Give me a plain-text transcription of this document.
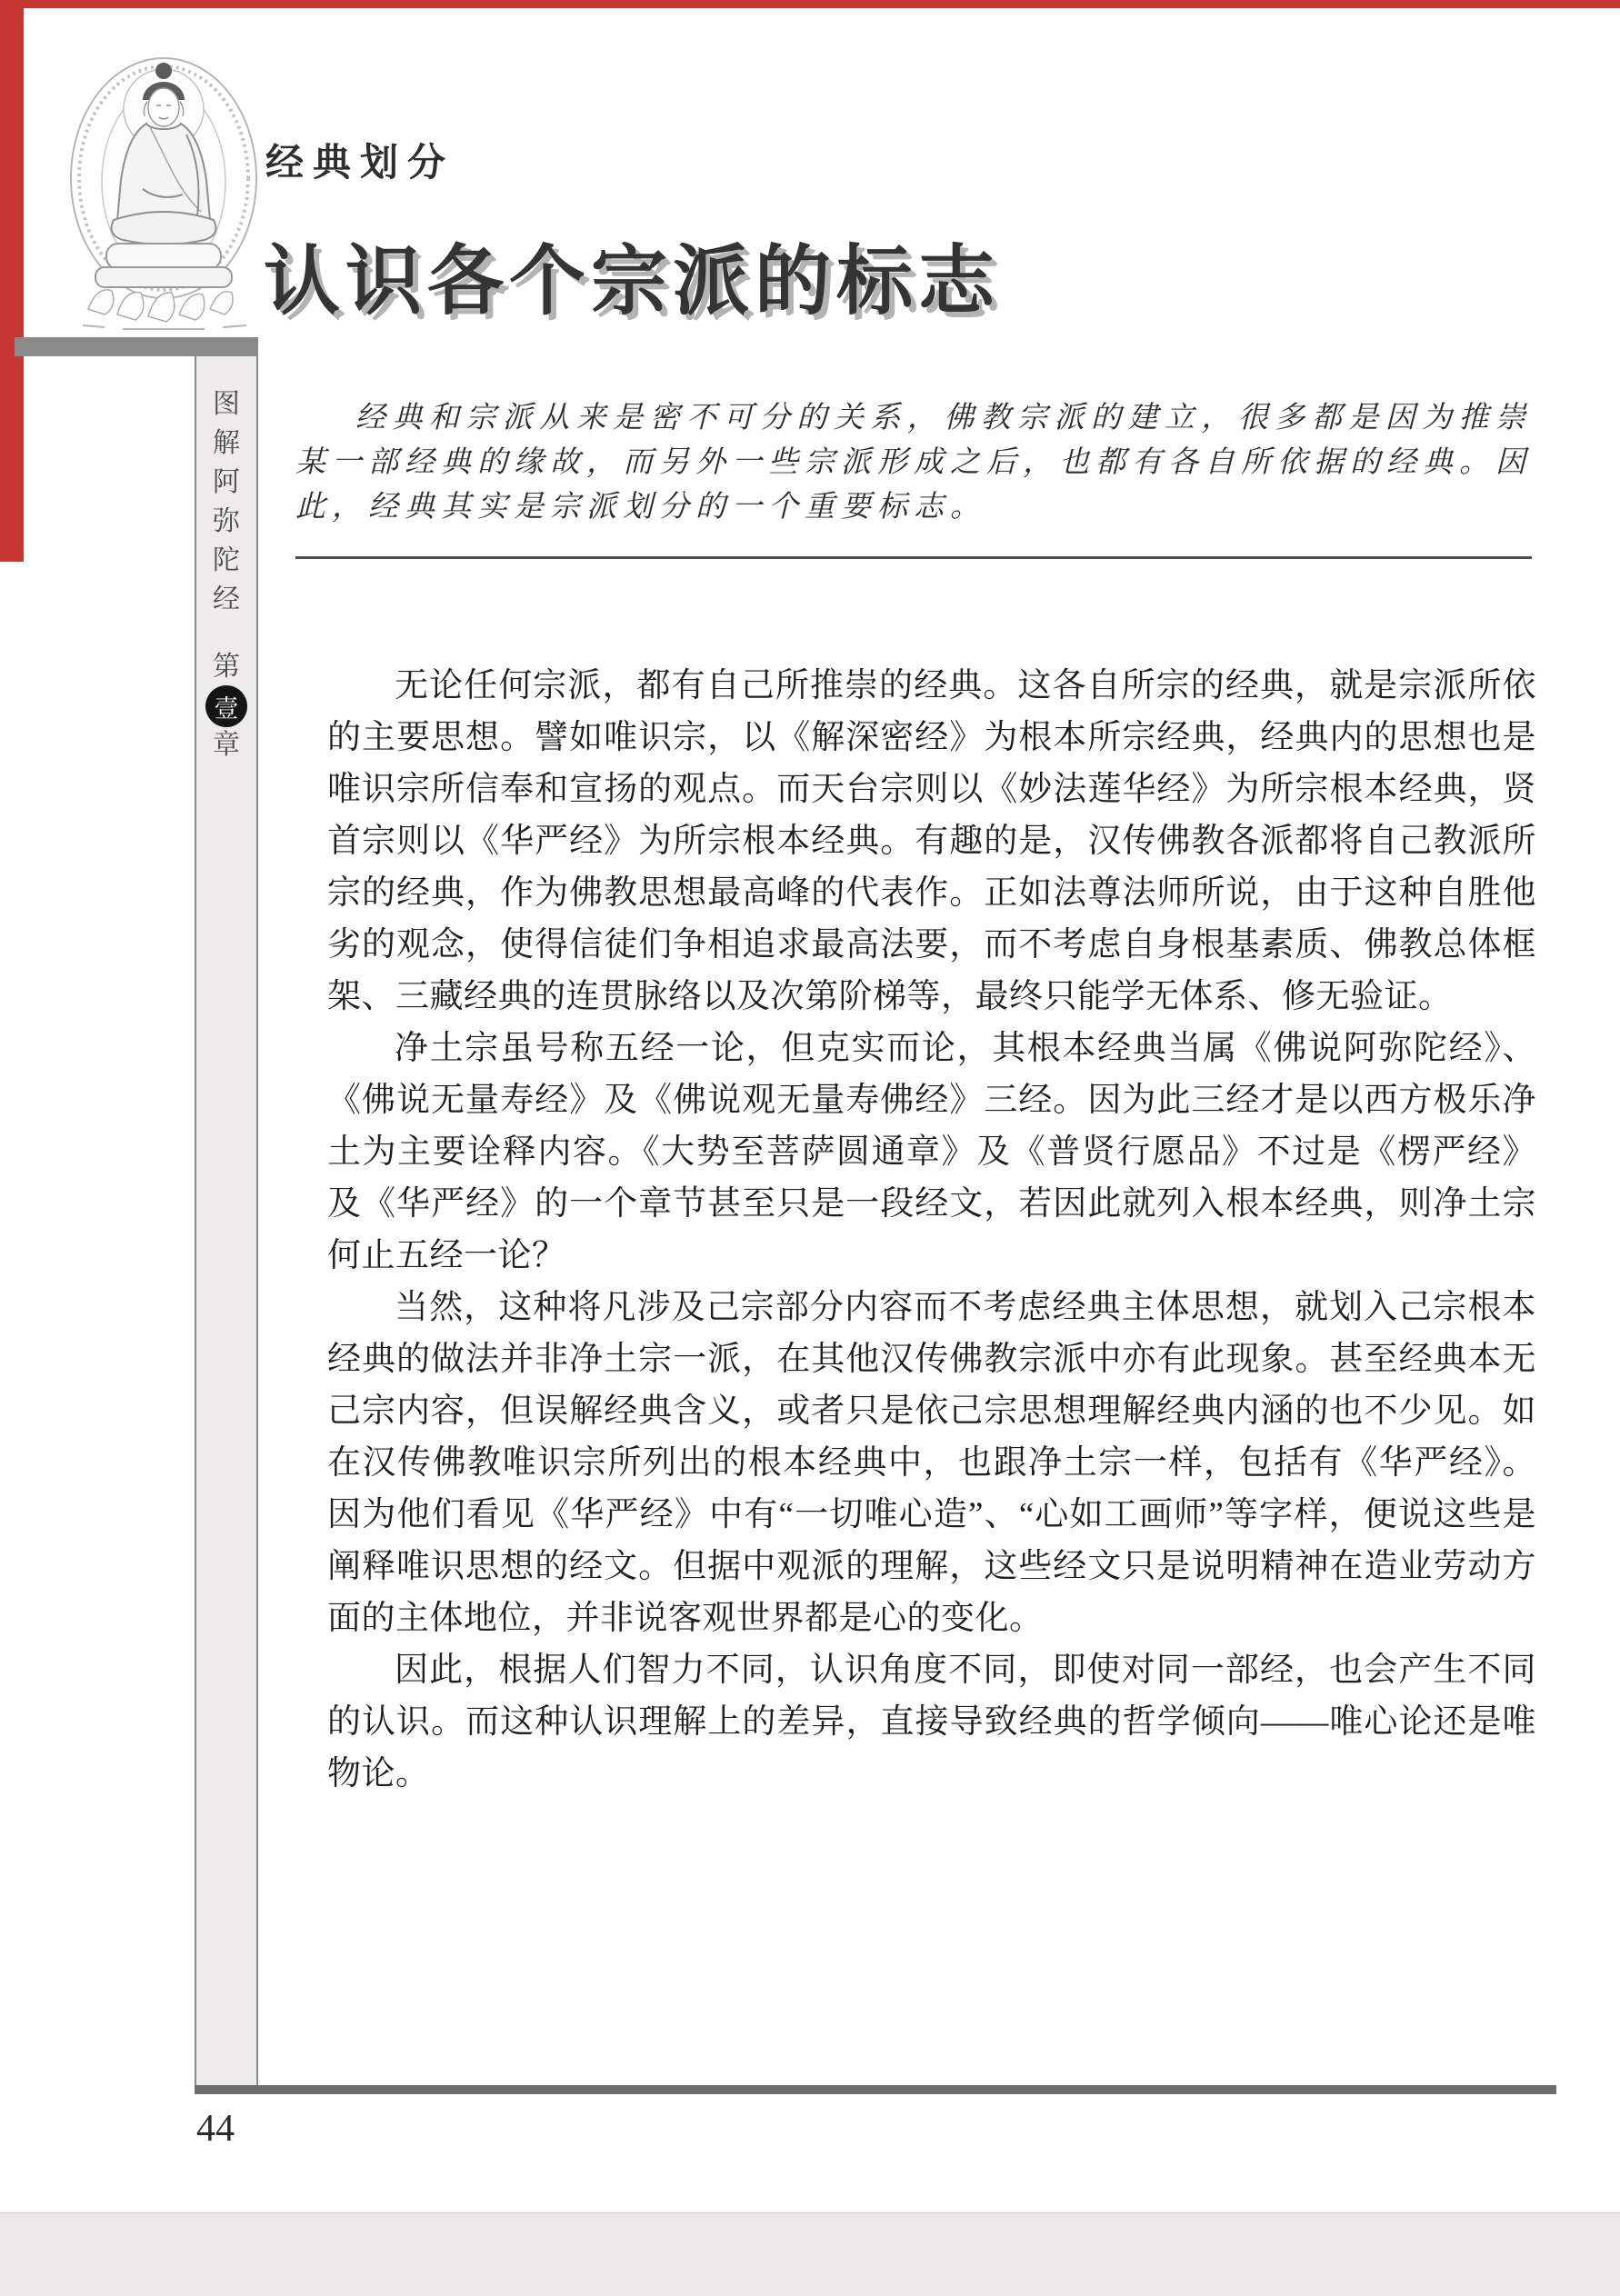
经典划分
认识各个宗派的标志
经典和宗派从来是密不可分的关系，佛教宗派的建立，很多都是因为推崇某一部经典的缘故，而另外一些宗派形成之后，也都有各自所依据的经典。因此，经典其实是宗派划分的一个重要标志。
图
解
阿
弥
陀
经
第
壹
章

无论任何宗派，都有自己所推崇的经典。这各自所宗的经典，就是宗派所依的主要思想。譬如唯识宗，以《解深密经》为根本所宗经典，经典内的思想也是唯识宗所信奉和宣扬的观点。而天台宗则以《妙法莲华经》为所宗根本经典，贤首宗则以《华严经》为所宗根本经典。有趣的是，汉传佛教各派都将自己教派所宗的经典，作为佛教思想最高峰的代表作。正如法尊法师所说，由于这种自胜他劣的观念，使得信徒们争相追求最高法要，而不考虑自身根基素质、佛教总体框架、三藏经典的连贯脉络以及次第阶梯等，最终只能学无体系、修无验证。

净土宗虽号称五经一论，但克实而论，其根本经典当属《佛说阿弥陀经》、《佛说无量寿经》及《佛说观无量寿佛经》三经。因为此三经才是以西方极乐净土为主要诠释内容。《大势至菩萨圆通章》及《普贤行愿品》不过是《楞严经》及《华严经》的一个章节甚至只是一段经文，若因此就列入根本经典，则净土宗何止五经一论？

当然，这种将凡涉及己宗部分内容而不考虑经典主体思想，就划入己宗根本经典的做法并非净土宗一派，在其他汉传佛教宗派中亦有此现象。甚至经典本无己宗内容，但误解经典含义，或者只是依己宗思想理解经典内涵的也不少见。如在汉传佛教唯识宗所列出的根本经典中，也跟净土宗一样，包括有《华严经》。因为他们看见《华严经》中有“一切唯心造”、“心如工画师”等字样，便说这些是阐释唯识思想的经文。但据中观派的理解，这些经文只是说明精神在造业劳动方面的主体地位，并非说客观世界都是心的变化。

因此，根据人们智力不同，认识角度不同，即使对同一部经，也会产生不同的认识。而这种认识理解上的差异，直接导致经典的哲学倾向——唯心论还是唯物论。

44
